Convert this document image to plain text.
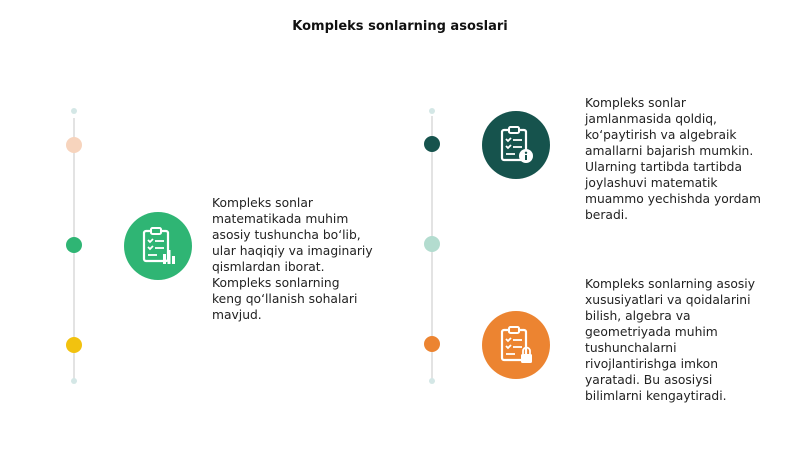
Kompleks sonlarning asoslari

Kompleks sonlar
matematikada muhim
asosiy tushuncha bo‘lib,
ular haqiqiy va imaginariy
qismlardan iborat.
Kompleks sonlarning
keng qo‘llanish sohalari
mavjud.

Kompleks sonlar
jamlanmasida qoldiq,
ko‘paytirish va algebraik
amallarni bajarish mumkin.
Ularning tartibda tartibda
joylashuvi matematik
muammo yechishda yordam
beradi.

Kompleks sonlarning asosiy
xususiyatlari va qoidalarini
bilish, algebra va
geometriyada muhim
tushunchalarni
rivojlantirishga imkon
yaratadi. Bu asosiysi
bilimlarni kengaytiradi.
